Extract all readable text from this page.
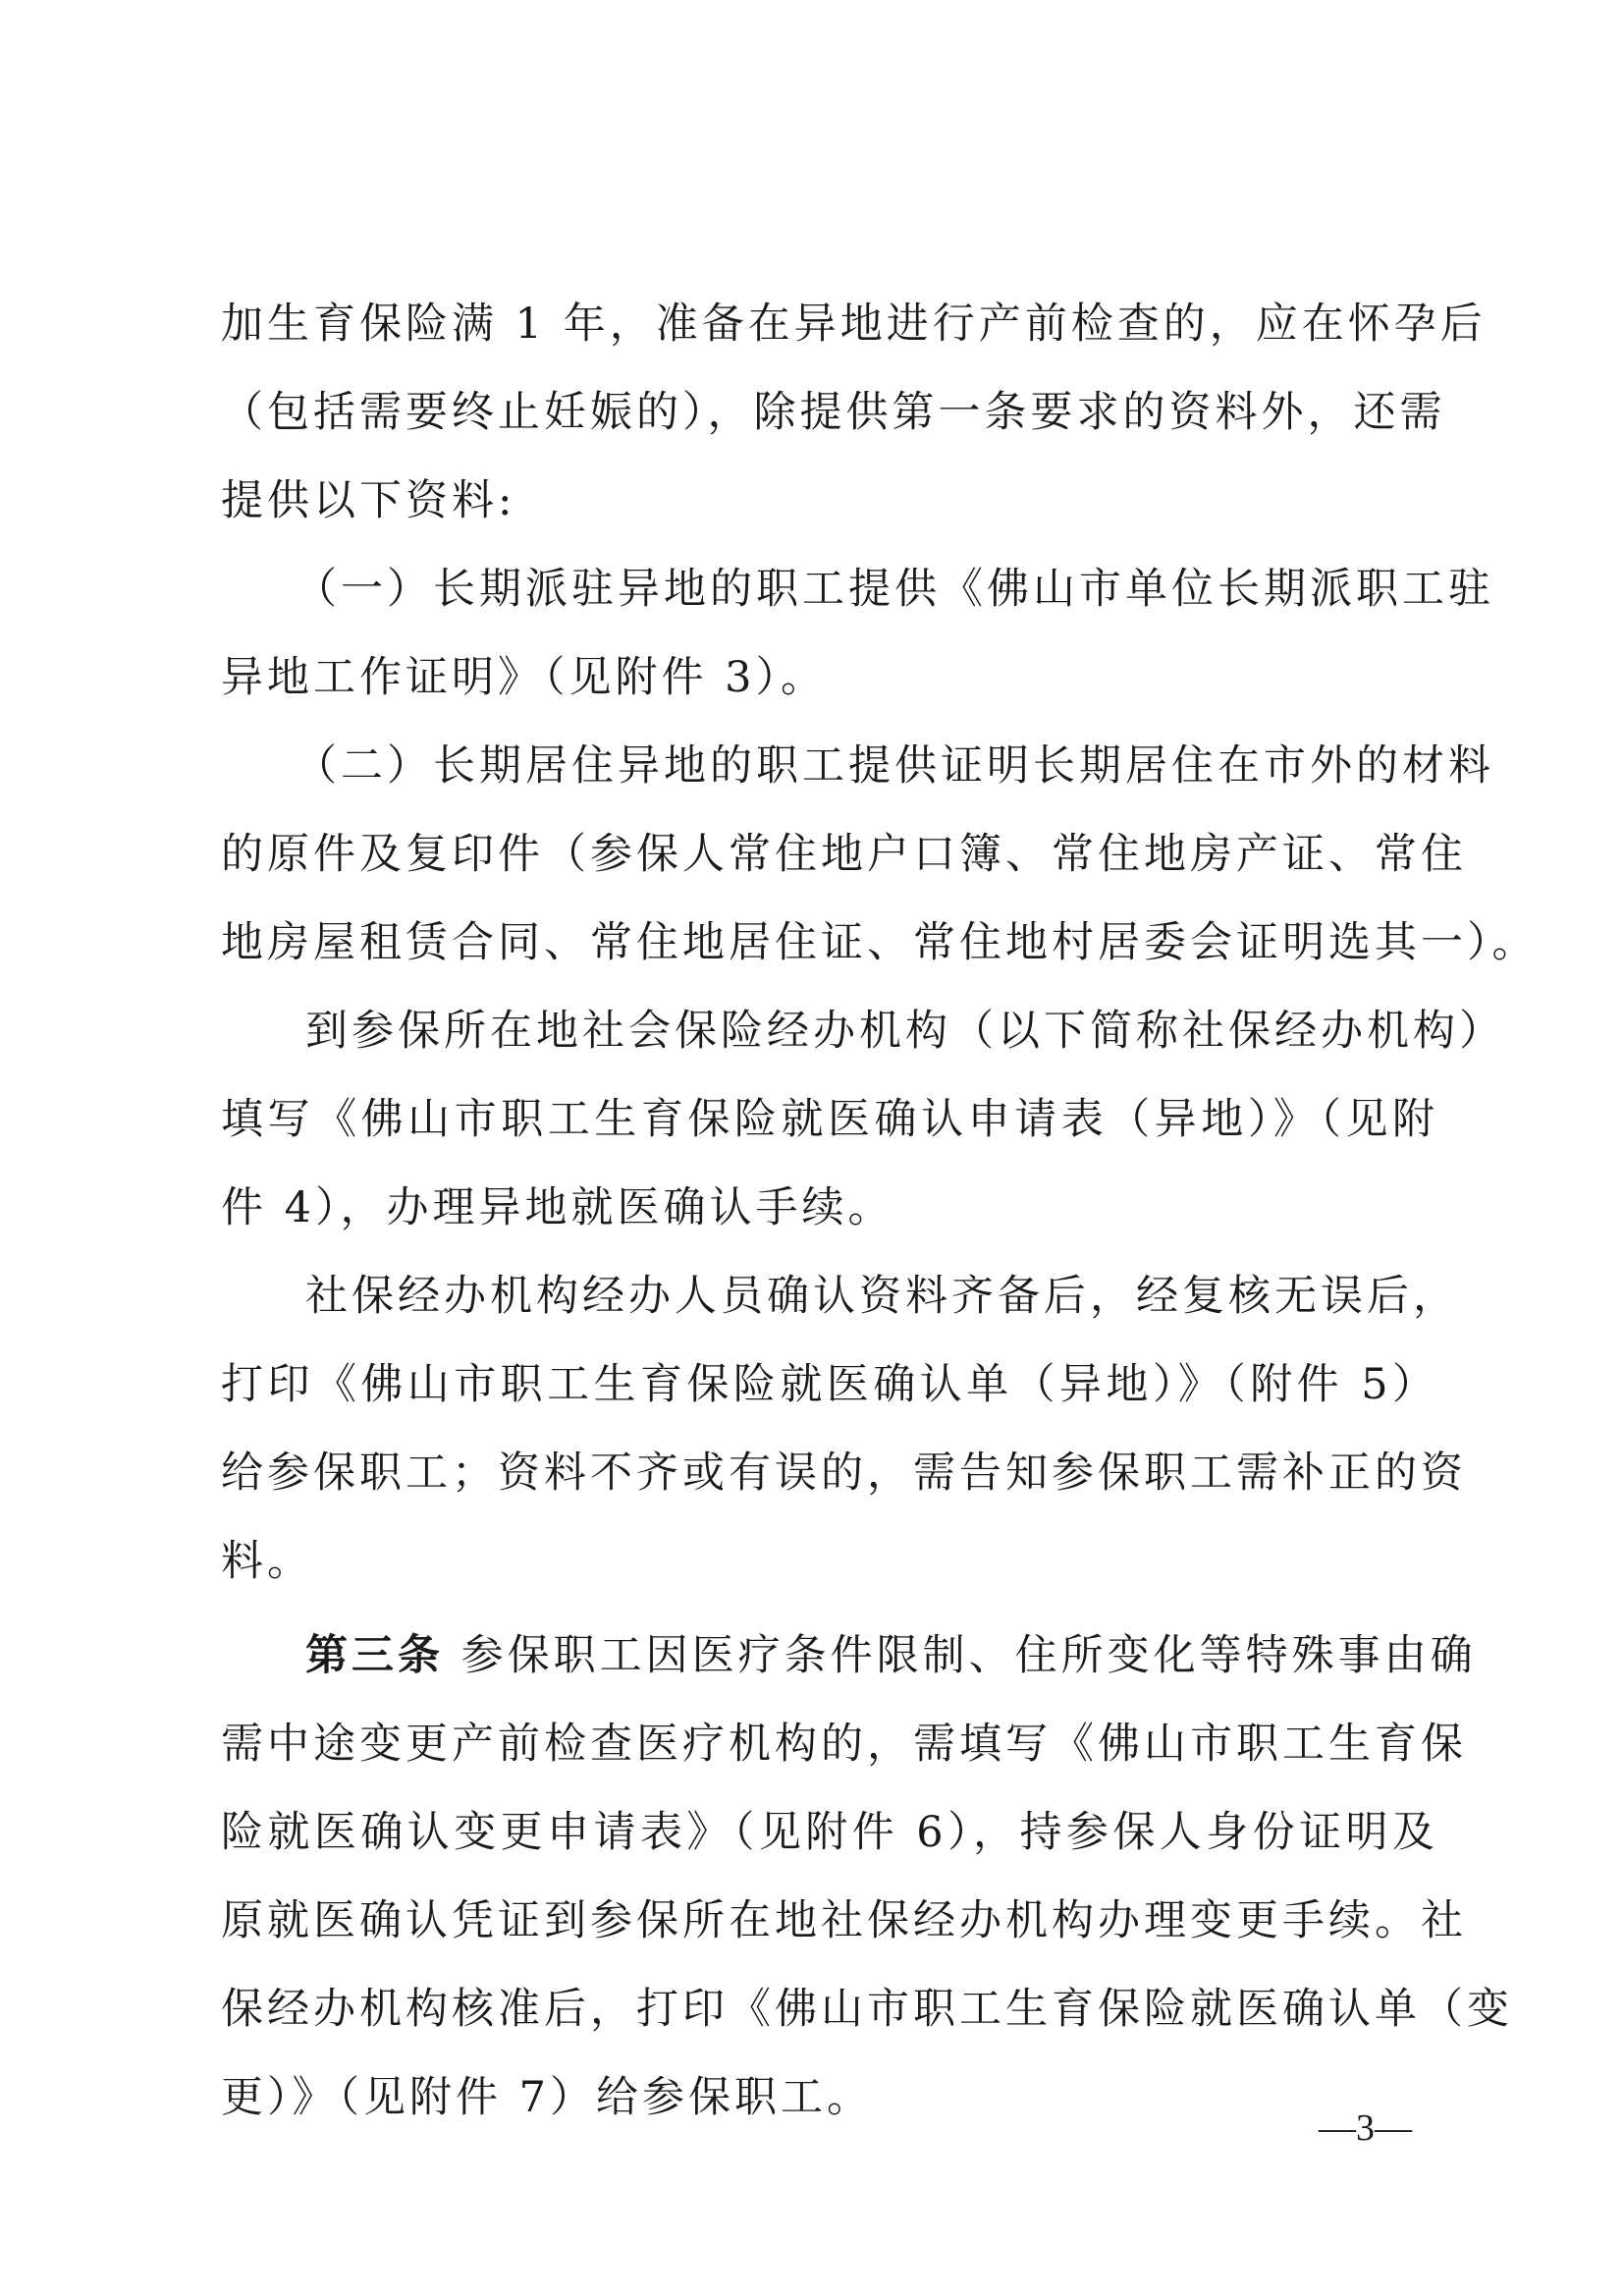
加生育保险满 1 年，准备在异地进行产前检查的，应在怀孕后
（包括需要终止妊娠的），除提供第一条要求的资料外，还需
提供以下资料:
（一）长期派驻异地的职工提供《佛山市单位长期派职工驻
异地工作证明》（见附件 3）。
（二）长期居住异地的职工提供证明长期居住在市外的材料
的原件及复印件（参保人常住地户口簿、常住地房产证、常住
地房屋租赁合同、常住地居住证、常住地村居委会证明选其一）。
到参保所在地社会保险经办机构（以下简称社保经办机构）
填写《佛山市职工生育保险就医确认申请表（异地）》（见附
件 4），办理异地就医确认手续。
社保经办机构经办人员确认资料齐备后，经复核无误后，
打印《佛山市职工生育保险就医确认单（异地）》（附件 5）
给参保职工；资料不齐或有误的，需告知参保职工需补正的资
料。
第三条 参保职工因医疗条件限制、住所变化等特殊事由确
需中途变更产前检查医疗机构的，需填写《佛山市职工生育保
险就医确认变更申请表》（见附件 6），持参保人身份证明及
原就医确认凭证到参保所在地社保经办机构办理变更手续。社
保经办机构核准后，打印《佛山市职工生育保险就医确认单（变
更）》（见附件 7）给参保职工。
—3—
